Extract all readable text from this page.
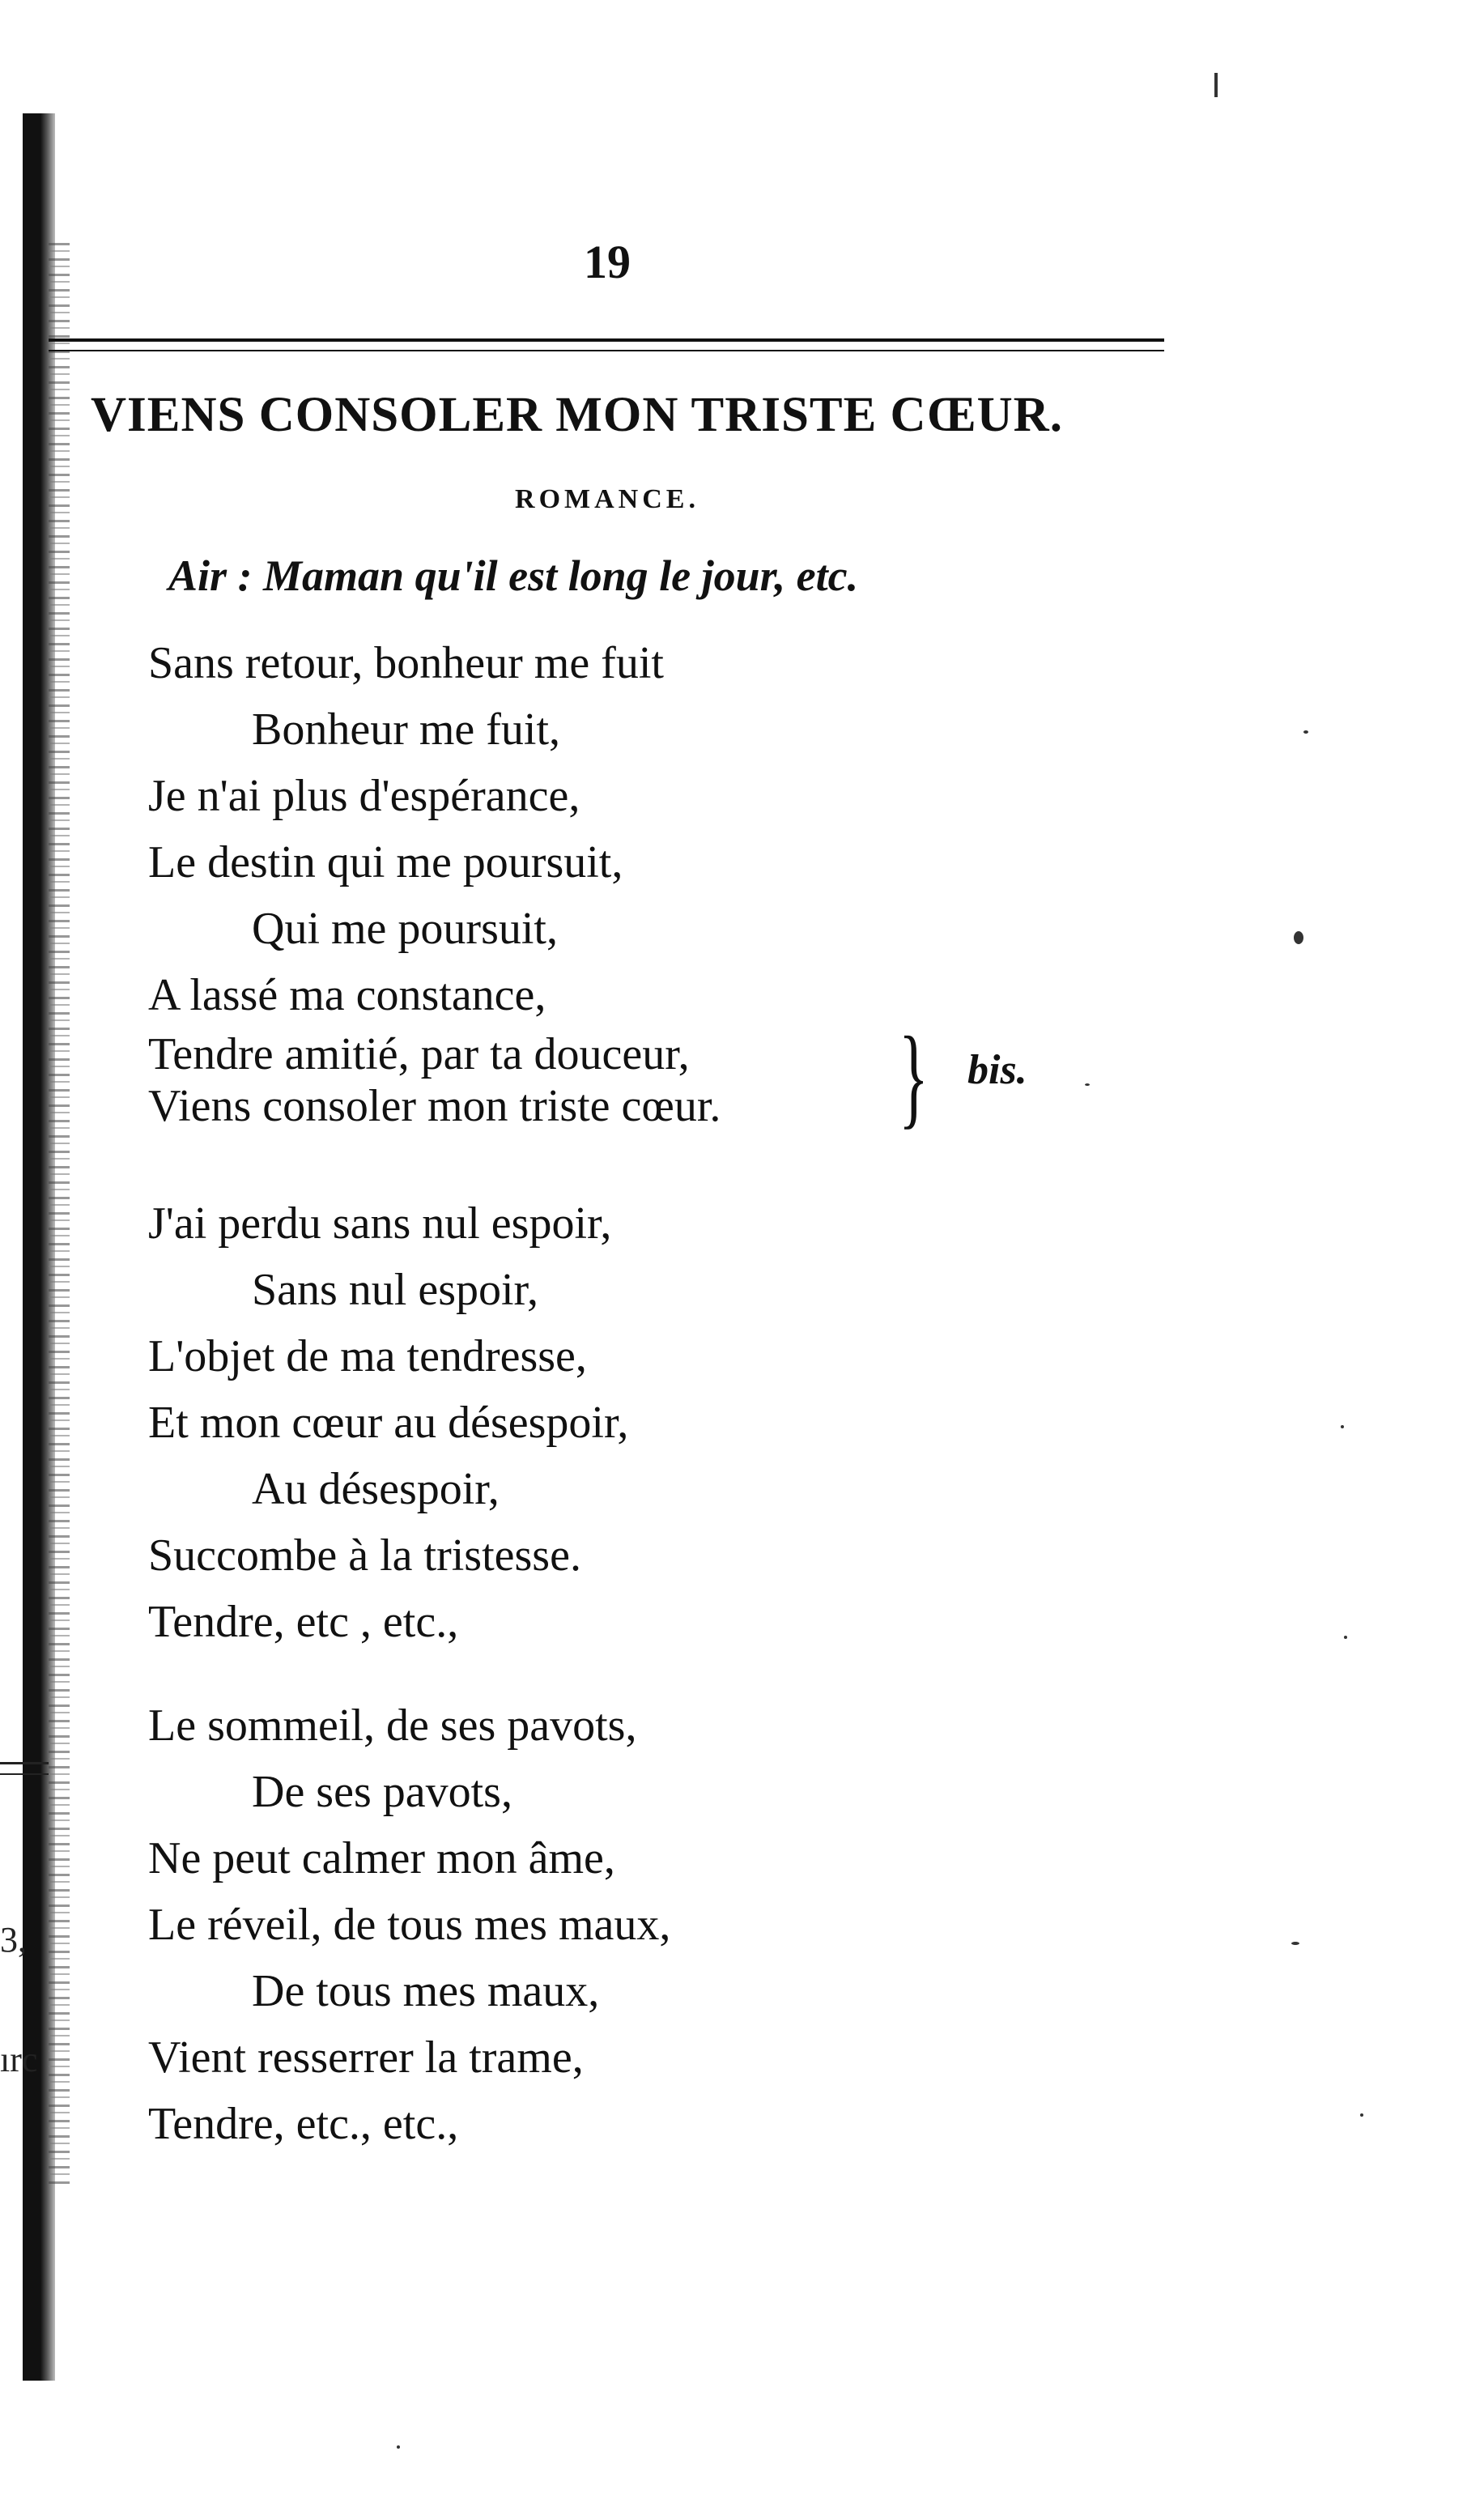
3,
ırc
19
VIENS CONSOLER MON TRISTE CŒUR.
ROMANCE.
Air : Maman qu'il est long le jour, etc.
Sans retour, bonheur me fuit
Bonheur me fuit,
Je n'ai plus d'espérance,
Le destin qui me poursuit,
Qui me poursuit,
A lassé ma constance,
Tendre amitié, par ta douceur,
Viens consoler mon triste cœur. } bis.
J'ai perdu sans nul espoir,
Sans nul espoir,
L'objet de ma tendresse,
Et mon cœur au désespoir,
Au désespoir,
Succombe à la tristesse.
Tendre, etc , etc.,
Le sommeil, de ses pavots,
De ses pavots,
Ne peut calmer mon âme,
Le réveil, de tous mes maux,
De tous mes maux,
Vient resserrer la trame,
Tendre, etc., etc.,
